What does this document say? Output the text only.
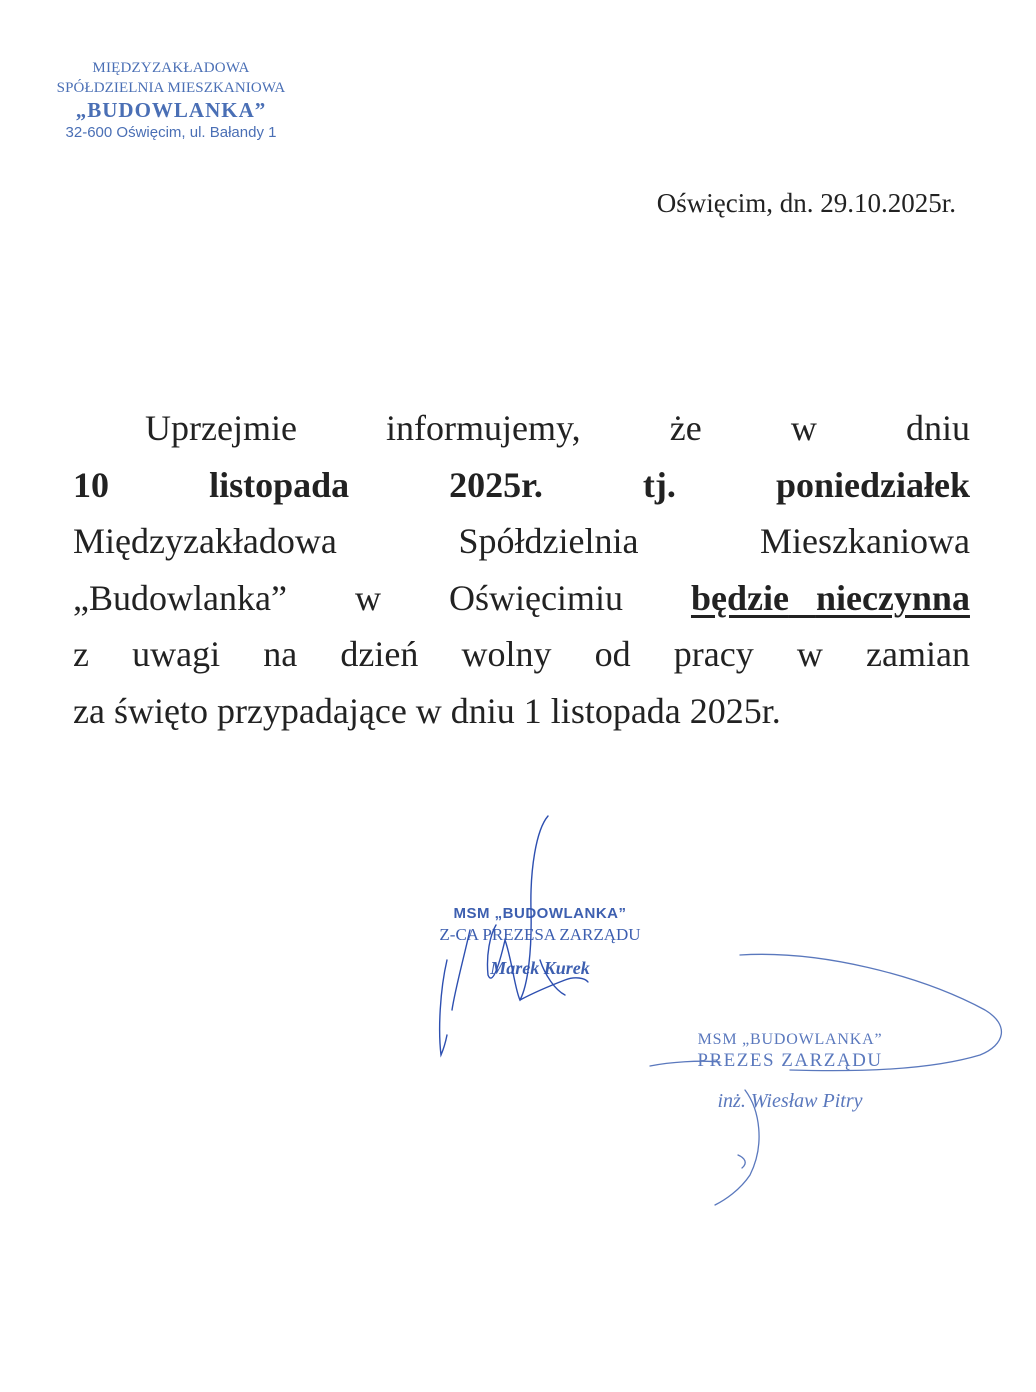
MIĘDZYZAKŁADOWA
SPÓŁDZIELNIA MIESZKANIOWA
„BUDOWLANKA”
32-600 Oświęcim, ul. Bałandy 1
Oświęcim, dn. 29.10.2025r.
Uprzejmie informujemy, że w dniu
10	listopada	2025r.	tj.	poniedziałek
Międzyzakładowa	Spółdzielnia	Mieszkaniowa
„Budowlanka” w Oświęcimiu będzie nieczynna
z uwagi na dzień wolny od pracy w zamian
za święto przypadające w dniu 1 listopada 2025r.
MSM „BUDOWLANKA”
Z-CA PREZESA ZARZĄDU
Marek Kurek
MSM „BUDOWLANKA”
PREZES ZARZĄDU
inż. Wiesław Pitry
